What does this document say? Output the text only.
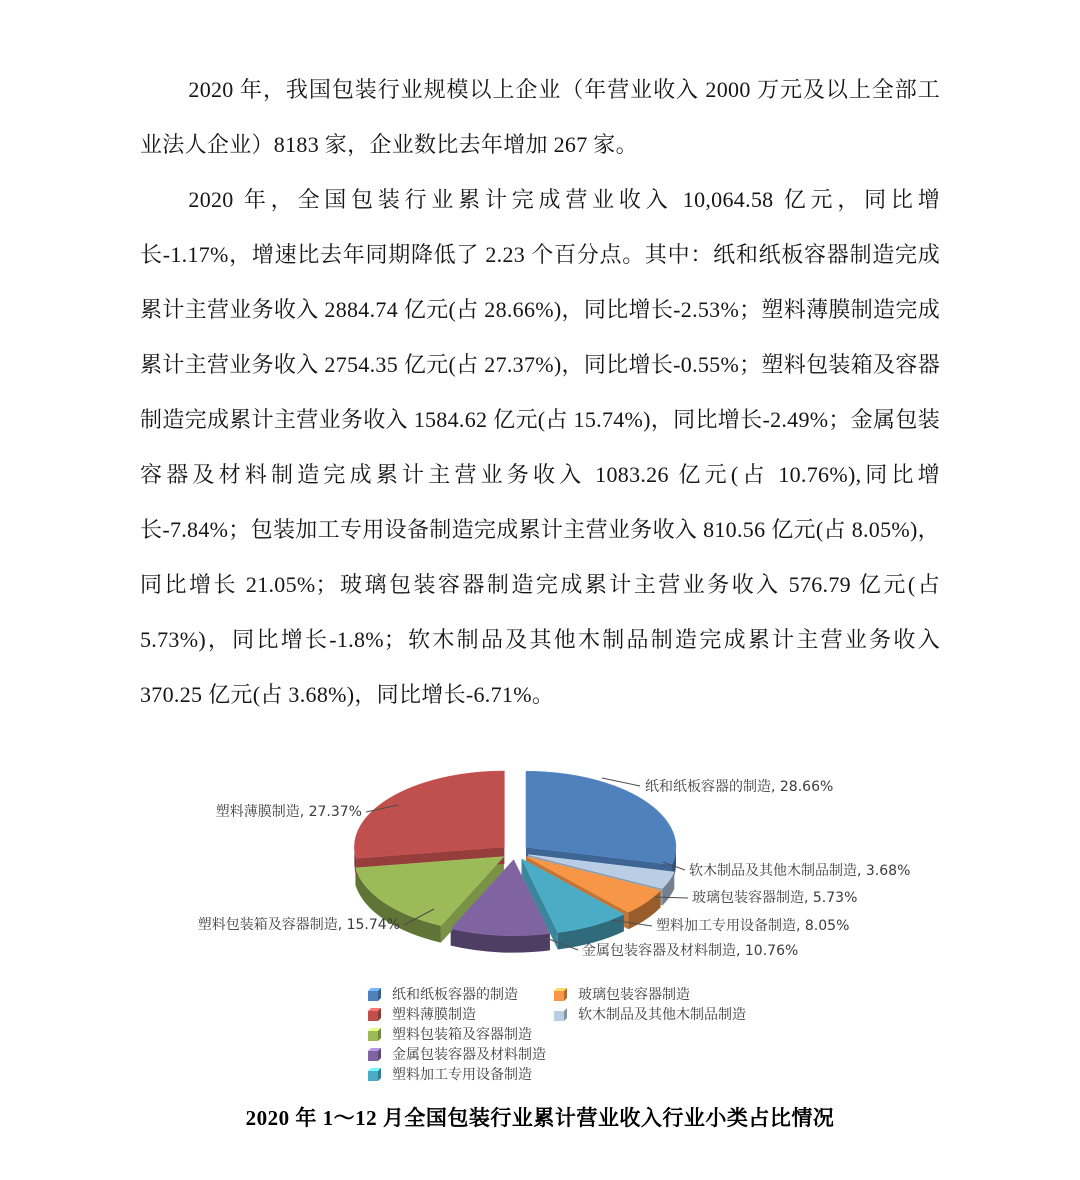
2020 年，我国包装行业规模以上企业（年营业收入 2000 万元及以上全部工业法人企业）8183 家，企业数比去年增加 267 家。

2020 年，全国包装行业累计完成营业收入 10,064.58 亿元，同比增长-1.17%，增速比去年同期降低了 2.23 个百分点。其中：纸和纸板容器制造完成累计主营业务收入 2884.74 亿元(占 28.66%)，同比增长-2.53%；塑料薄膜制造完成累计主营业务收入 2754.35 亿元(占 27.37%)，同比增长-0.55%；塑料包装箱及容器制造完成累计主营业务收入 1584.62 亿元(占 15.74%)，同比增长-2.49%；金属包装容器及材料制造完成累计主营业务收入 1083.26 亿元(占 10.76%),同比增长-7.84%；包装加工专用设备制造完成累计主营业务收入 810.56 亿元(占 8.05%)，同比增长 21.05%；玻璃包装容器制造完成累计主营业务收入 576.79 亿元(占 5.73%)，同比增长-1.8%；软木制品及其他木制品制造完成累计主营业务收入 370.25 亿元(占 3.68%)，同比增长-6.71%。

纸和纸板容器的制造, 28.66%
软木制品及其他木制品制造, 3.68%
玻璃包装容器制造, 5.73%
塑料加工专用设备制造, 8.05%
金属包装容器及材料制造, 10.76%
塑料包装箱及容器制造, 15.74%
塑料薄膜制造, 27.37%
纸和纸板容器的制造
塑料薄膜制造
塑料包装箱及容器制造
金属包装容器及材料制造
塑料加工专用设备制造
玻璃包装容器制造
软木制品及其他木制品制造
2020 年 1～12 月全国包装行业累计营业收入行业小类占比情况
